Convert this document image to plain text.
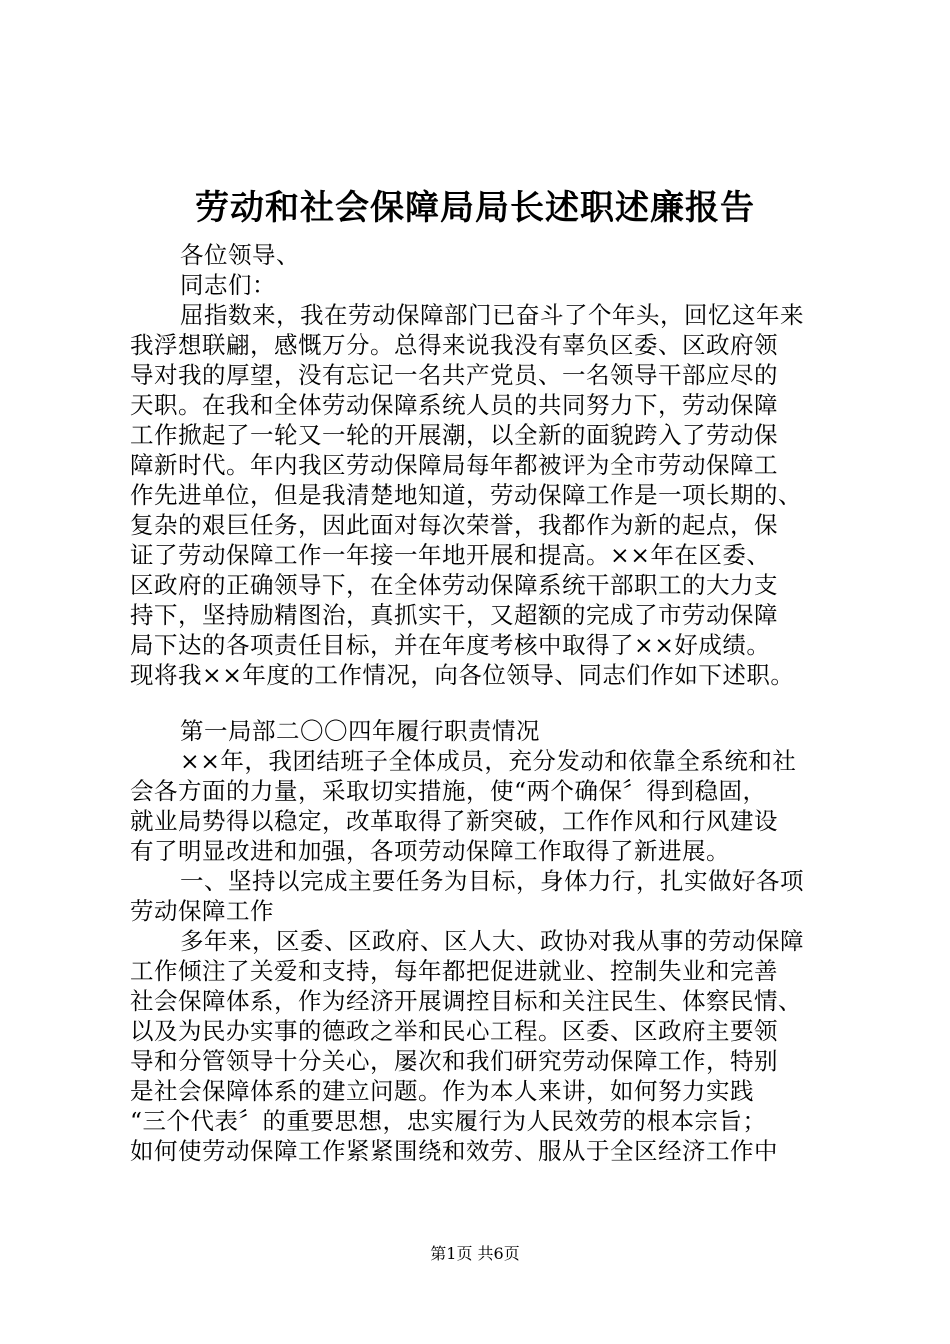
劳动和社会保障局局长述职述廉报告
各位领导、
同志们：
屈指数来，我在劳动保障部门已奋斗了个年头，回忆这年来
我浮想联翩，感慨万分。总得来说我没有辜负区委、区政府领
导对我的厚望，没有忘记一名共产党员、一名领导干部应尽的
天职。在我和全体劳动保障系统人员的共同努力下，劳动保障
工作掀起了一轮又一轮的开展潮，以全新的面貌跨入了劳动保
障新时代。年内我区劳动保障局每年都被评为全市劳动保障工
作先进单位，但是我清楚地知道，劳动保障工作是一项长期的、
复杂的艰巨任务，因此面对每次荣誉，我都作为新的起点，保
证了劳动保障工作一年接一年地开展和提高。××年在区委、
区政府的正确领导下，在全体劳动保障系统干部职工的大力支
持下，坚持励精图治，真抓实干，又超额的完成了市劳动保障
局下达的各项责任目标，并在年度考核中取得了××好成绩。
现将我××年度的工作情况，向各位领导、同志们作如下述职。
第一局部二〇〇四年履行职责情况
××年，我团结班子全体成员，充分发动和依靠全系统和社
会各方面的力量，采取切实措施，使“两个确保〞得到稳固，
就业局势得以稳定，改革取得了新突破，工作作风和行风建设
有了明显改进和加强，各项劳动保障工作取得了新进展。
一、坚持以完成主要任务为目标，身体力行，扎实做好各项
劳动保障工作
多年来，区委、区政府、区人大、政协对我从事的劳动保障
工作倾注了关爱和支持，每年都把促进就业、控制失业和完善
社会保障体系，作为经济开展调控目标和关注民生、体察民情、
以及为民办实事的德政之举和民心工程。区委、区政府主要领
导和分管领导十分关心，屡次和我们研究劳动保障工作，特别
是社会保障体系的建立问题。作为本人来讲，如何努力实践
“三个代表〞的重要思想，忠实履行为人民效劳的根本宗旨；
如何使劳动保障工作紧紧围绕和效劳、服从于全区经济工作中
第1页 共6页
